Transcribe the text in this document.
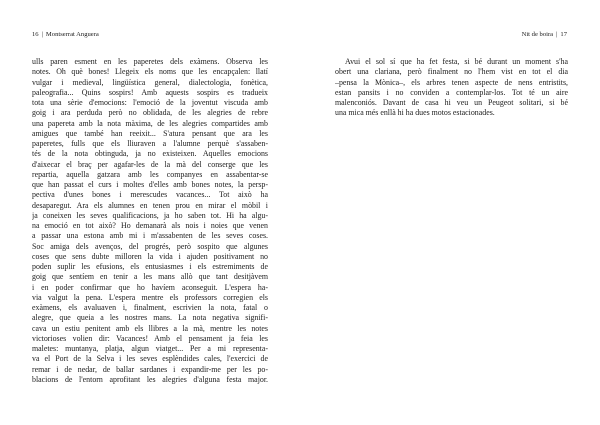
16 | Montserrat Anguera
ulls paren esment en les paperetes dels exàmens. Observa les
notes. Oh què bones! Llegeix els noms que les encapçalen: llatí
vulgar i medieval, lingüística general, dialectologia, fonètica,
paleografia... Quins sospirs! Amb aquests sospirs es tradueix
tota una sèrie d'emocions: l'emoció de la joventut viscuda amb
goig i ara perduda però no oblidada, de les alegries de rebre
una papereta amb la nota màxima, de les alegries compartides amb
amigues que també han reeixit... S'atura pensant que ara les
paperetes, fulls que els lliuraven a l'alumne perquè s'assaben-
tés de la nota obtinguda, ja no existeixen. Aquelles emocions
d'aixecar el braç per agafar-les de la mà del conserge que les
repartia, aquella gatzara amb les companyes en assabentar-se
que han passat el curs i moltes d'elles amb bones notes, la persp-
pectiva d'unes bones i merescudes vacances... Tot això ha
desaparegut. Ara els alumnes en tenen prou en mirar el mòbil i
ja coneixen les seves qualificacions, ja ho saben tot. Hi ha algu-
na emoció en tot això? Ho demanarà als nois i noies que venen
a passar una estona amb mi i m'assabenten de les seves coses.
Soc amiga dels avenços, del progrés, però sospito que algunes
coses que sens dubte milloren la vida i ajuden positivament no
poden suplir les efusions, els entusiasmes i els estremiments de
goig que sentíem en tenir a les mans allò que tant desitjàvem
i en poder confirmar que ho havíem aconseguit. L'espera ha-
via valgut la pena. L'espera mentre els professors corregien els
exàmens, els avaluaven i, finalment, escrivien la nota, fatal o
alegre, que queia a les nostres mans. La nota negativa signifi-
cava un estiu penitent amb els llibres a la mà, mentre les notes
victorioses volien dir: Vacances! Amb el pensament ja feia les
maletes: muntanya, platja, algun viatget... Per a mi representa-
va el Port de la Selva i les seves esplèndides cales, l'exercici de
remar i de nedar, de ballar sardanes i expandir-me per les po-
blacions de l'entorn aprofitant les alegries d'alguna festa major.
Nit de boira | 17
Avui el sol sí que ha fet festa, si bé durant un moment s'ha
obert una clariana, però finalment no l'hem vist en tot el dia
–pensa la Mònica–, els arbres tenen aspecte de nens entristits,
estan pansits i no conviden a contemplar-los. Tot té un aire
malenconiós. Davant de casa hi veu un Peugeot solitari, si bé
una mica més enllà hi ha dues motos estacionades.
